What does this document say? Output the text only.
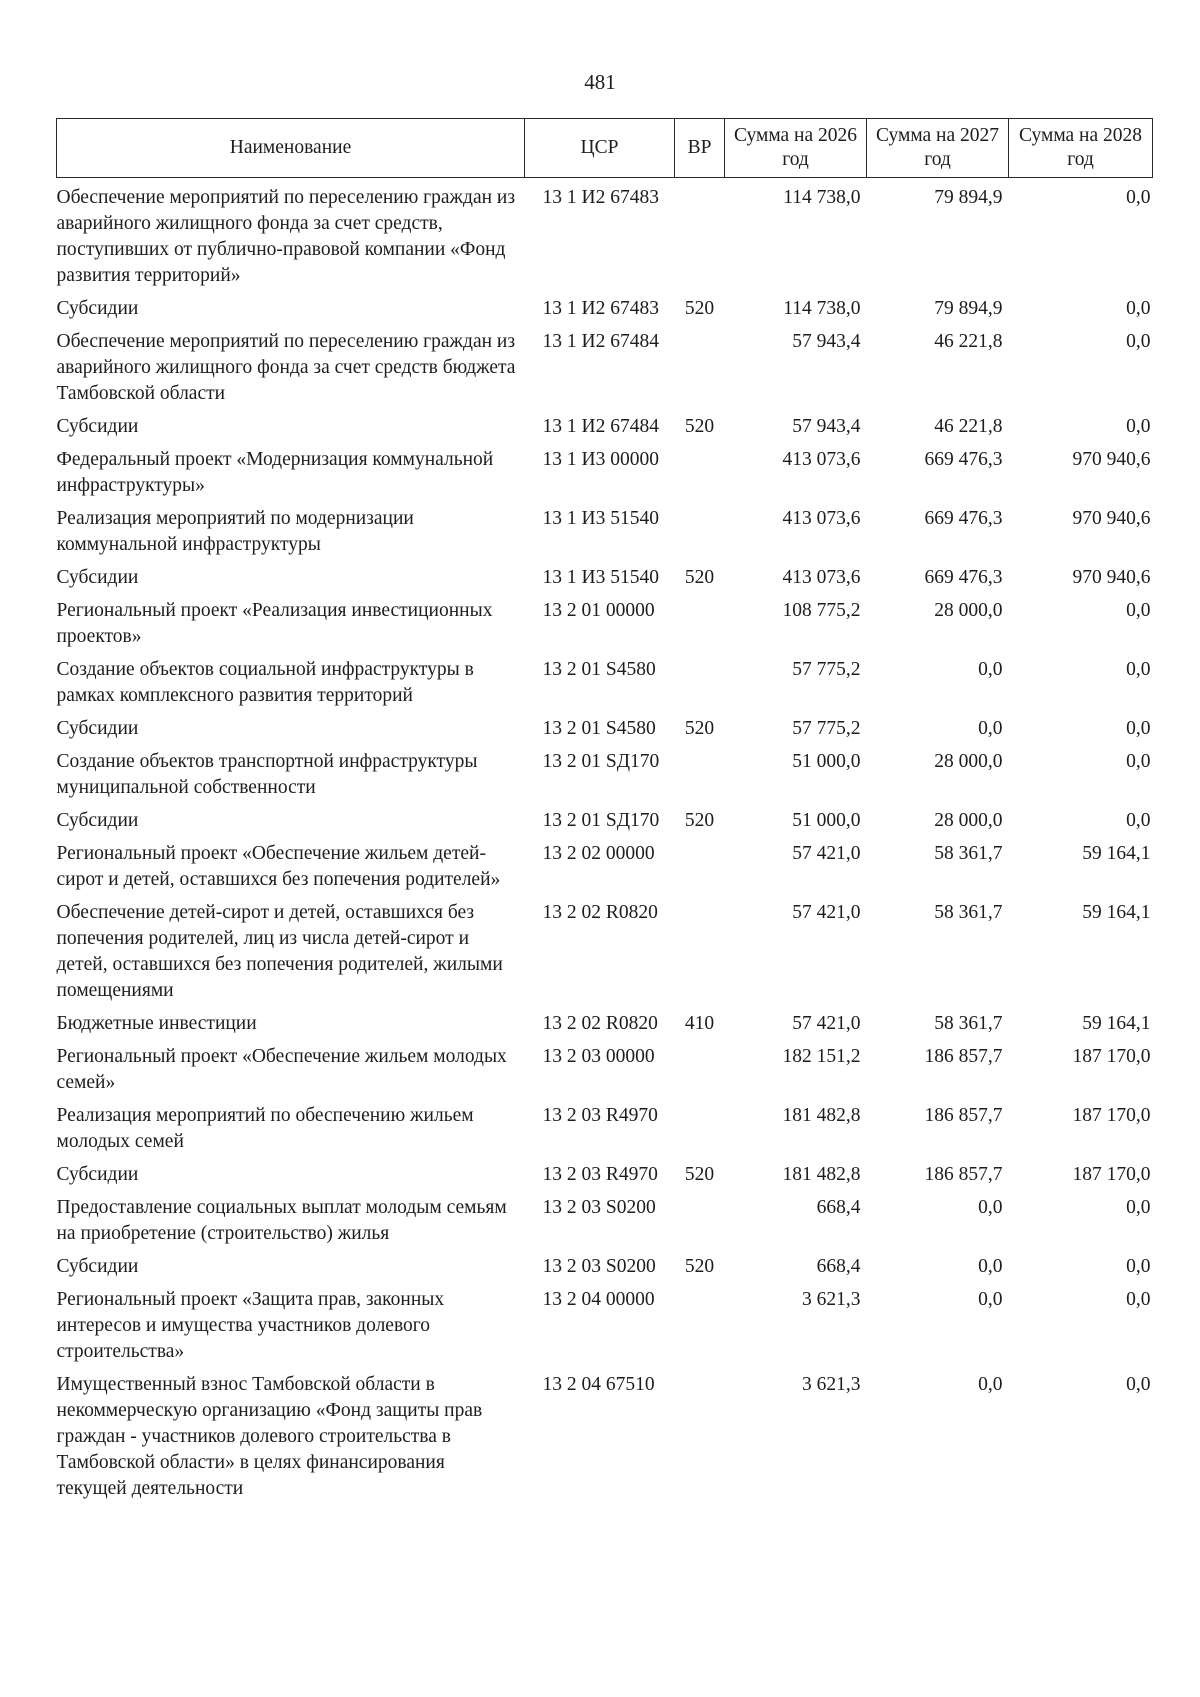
481
Наименование	ЦСР	ВР	Сумма на 2026 год	Сумма на 2027 год	Сумма на 2028 год
Обеспечение мероприятий по переселению граждан из аварийного жилищного фонда за счет средств, поступивших от публично-правовой компании «Фонд развития территорий»	13 1 И2 67483		114 738,0	79 894,9	0,0
Субсидии	13 1 И2 67483	520	114 738,0	79 894,9	0,0
Обеспечение мероприятий по переселению граждан из аварийного жилищного фонда за счет средств бюджета Тамбовской области	13 1 И2 67484		57 943,4	46 221,8	0,0
Субсидии	13 1 И2 67484	520	57 943,4	46 221,8	0,0
Федеральный проект «Модернизация коммунальной инфраструктуры»	13 1 И3 00000		413 073,6	669 476,3	970 940,6
Реализация мероприятий по модернизации коммунальной инфраструктуры	13 1 И3 51540		413 073,6	669 476,3	970 940,6
Субсидии	13 1 И3 51540	520	413 073,6	669 476,3	970 940,6
Региональный проект «Реализация инвестиционных проектов»	13 2 01 00000		108 775,2	28 000,0	0,0
Создание объектов социальной инфраструктуры в рамках комплексного развития территорий	13 2 01 S4580		57 775,2	0,0	0,0
Субсидии	13 2 01 S4580	520	57 775,2	0,0	0,0
Создание объектов транспортной инфраструктуры муниципальной собственности	13 2 01 SД170		51 000,0	28 000,0	0,0
Субсидии	13 2 01 SД170	520	51 000,0	28 000,0	0,0
Региональный проект «Обеспечение жильем детей-сирот и детей, оставшихся без попечения родителей»	13 2 02 00000		57 421,0	58 361,7	59 164,1
Обеспечение детей-сирот и детей, оставшихся без попечения родителей, лиц из числа детей-сирот и детей, оставшихся без попечения родителей, жилыми помещениями	13 2 02 R0820		57 421,0	58 361,7	59 164,1
Бюджетные инвестиции	13 2 02 R0820	410	57 421,0	58 361,7	59 164,1
Региональный проект «Обеспечение жильем молодых семей»	13 2 03 00000		182 151,2	186 857,7	187 170,0
Реализация мероприятий по обеспечению жильем молодых семей	13 2 03 R4970		181 482,8	186 857,7	187 170,0
Субсидии	13 2 03 R4970	520	181 482,8	186 857,7	187 170,0
Предоставление социальных выплат молодым семьям на приобретение (строительство) жилья	13 2 03 S0200		668,4	0,0	0,0
Субсидии	13 2 03 S0200	520	668,4	0,0	0,0
Региональный проект «Защита прав, законных интересов и имущества участников долевого строительства»	13 2 04 00000		3 621,3	0,0	0,0
Имущественный взнос Тамбовской области в некоммерческую организацию «Фонд защиты прав граждан - участников долевого строительства в Тамбовской области» в целях финансирования текущей деятельности	13 2 04 67510		3 621,3	0,0	0,0
